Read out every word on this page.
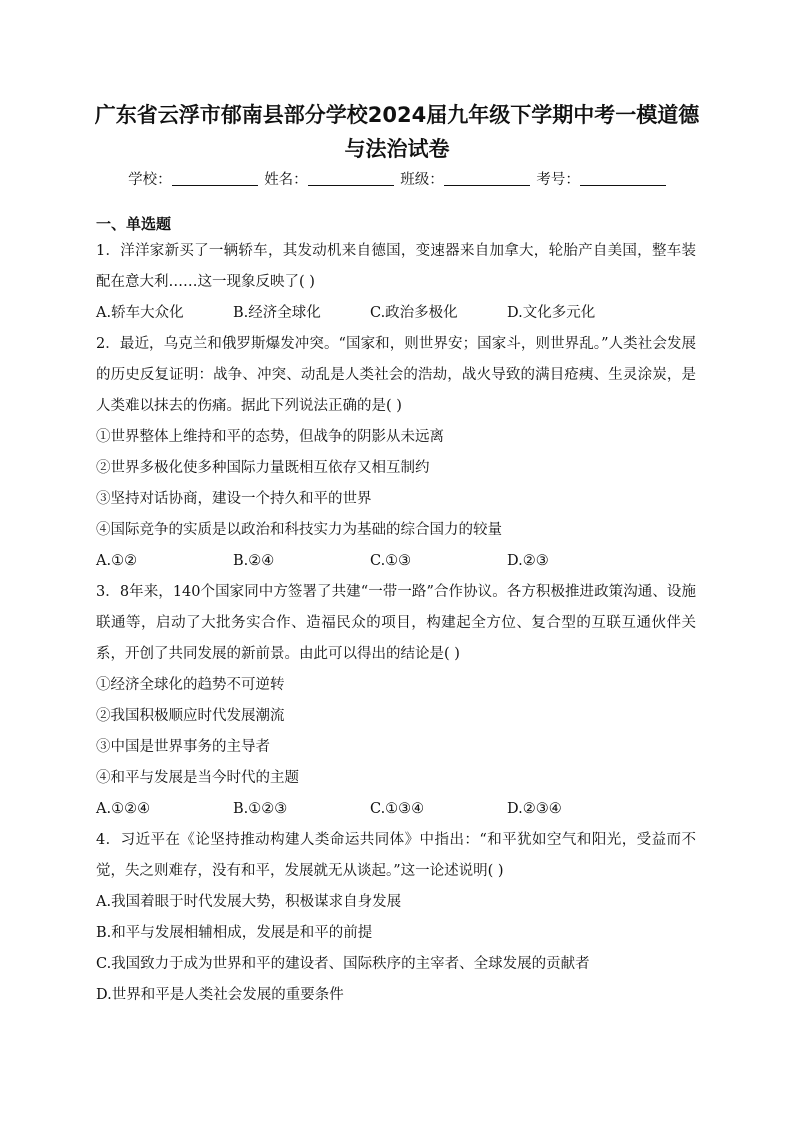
广东省云浮市郁南县部分学校2024届九年级下学期中考一模道德与法治试卷
学校：	姓名：	班级：	考号：
一、单选题

1．洋洋家新买了一辆轿车，其发动机来自德国，变速器来自加拿大，轮胎产自美国，整车装配在意大利……这一现象反映了( )

A.轿车大众化	B.经济全球化	C.政治多极化	D.文化多元化

2．最近，乌克兰和俄罗斯爆发冲突。“国家和，则世界安；国家斗，则世界乱。”人类社会发展的历史反复证明：战争、冲突、动乱是人类社会的浩劫，战火导致的满目疮痍、生灵涂炭，是人类难以抹去的伤痛。据此下列说法正确的是( )

①世界整体上维持和平的态势，但战争的阴影从未远离
②世界多极化使多种国际力量既相互依存又相互制约
③坚持对话协商，建设一个持久和平的世界
④国际竞争的实质是以政治和科技实力为基础的综合国力的较量
A.①②	B.②④	C.①③	D.②③

3．8年来，140个国家同中方签署了共建“一带一路”合作协议。各方积极推进政策沟通、设施联通等，启动了大批务实合作、造福民众的项目，构建起全方位、复合型的互联互通伙伴关系，开创了共同发展的新前景。由此可以得出的结论是( )

①经济全球化的趋势不可逆转
②我国积极顺应时代发展潮流
③中国是世界事务的主导者
④和平与发展是当今时代的主题
A.①②④	B.①②③	C.①③④	D.②③④

4．习近平在《论坚持推动构建人类命运共同体》中指出：“和平犹如空气和阳光，受益而不觉，失之则难存，没有和平，发展就无从谈起。”这一论述说明( )

A.我国着眼于时代发展大势，积极谋求自身发展
B.和平与发展相辅相成，发展是和平的前提
C.我国致力于成为世界和平的建设者、国际秩序的主宰者、全球发展的贡献者
D.世界和平是人类社会发展的重要条件
